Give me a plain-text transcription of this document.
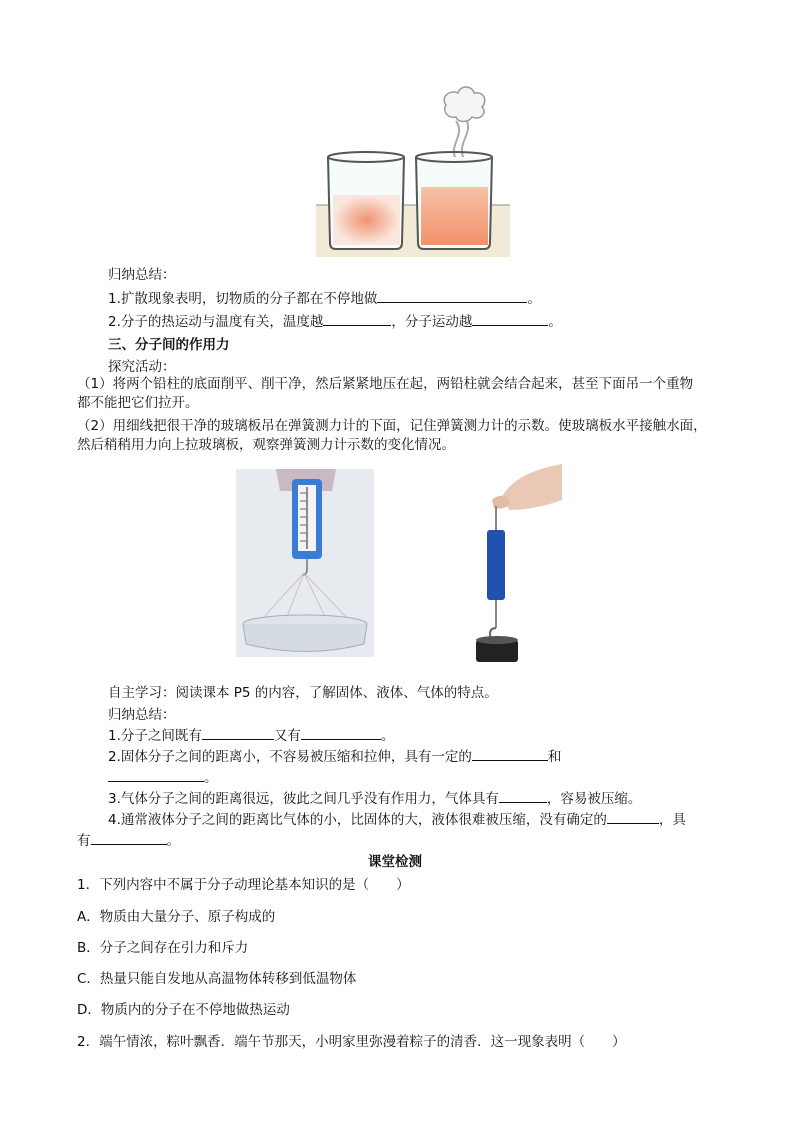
归纳总结：
1.扩散现象表明，切物质的分子都在不停地做	。
2.分子的热运动与温度有关，温度越	，分子运动越	。
三、分子间的作用力
探究活动：
（1）将两个铅柱的底面削平、削干净，然后紧紧地压在起，两铅柱就会结合起来，甚至下面吊一个重物
都不能把它们拉开。
（2）用细线把很干净的玻璃板吊在弹簧测力计的下面，记住弹簧测力计的示数。使玻璃板水平接触水面，
然后稍稍用力向上拉玻璃板，观察弹簧测力计示数的变化情况。
自主学习：阅读课本 P5 的内容，了解固体、液体、气体的特点。
归纳总结：
1.分子之间既有	又有	。
2.固体分子之间的距离小，不容易被压缩和拉伸，具有一定的	和
。
3.气体分子之间的距离很远，彼此之间几乎没有作用力，气体具有	，容易被压缩。
4.通常液体分子之间的距离比气体的小，比固体的大，液体很难被压缩，没有确定的	，具
有	。
课堂检测
1．下列内容中不属于分子动理论基本知识的是（　　）
A．物质由大量分子、原子构成的
B．分子之间存在引力和斥力
C．热量只能自发地从高温物体转移到低温物体
D．物质内的分子在不停地做热运动
2．端午情浓，粽叶飘香．端午节那天，小明家里弥漫着粽子的清香．这一现象表明（　　）
